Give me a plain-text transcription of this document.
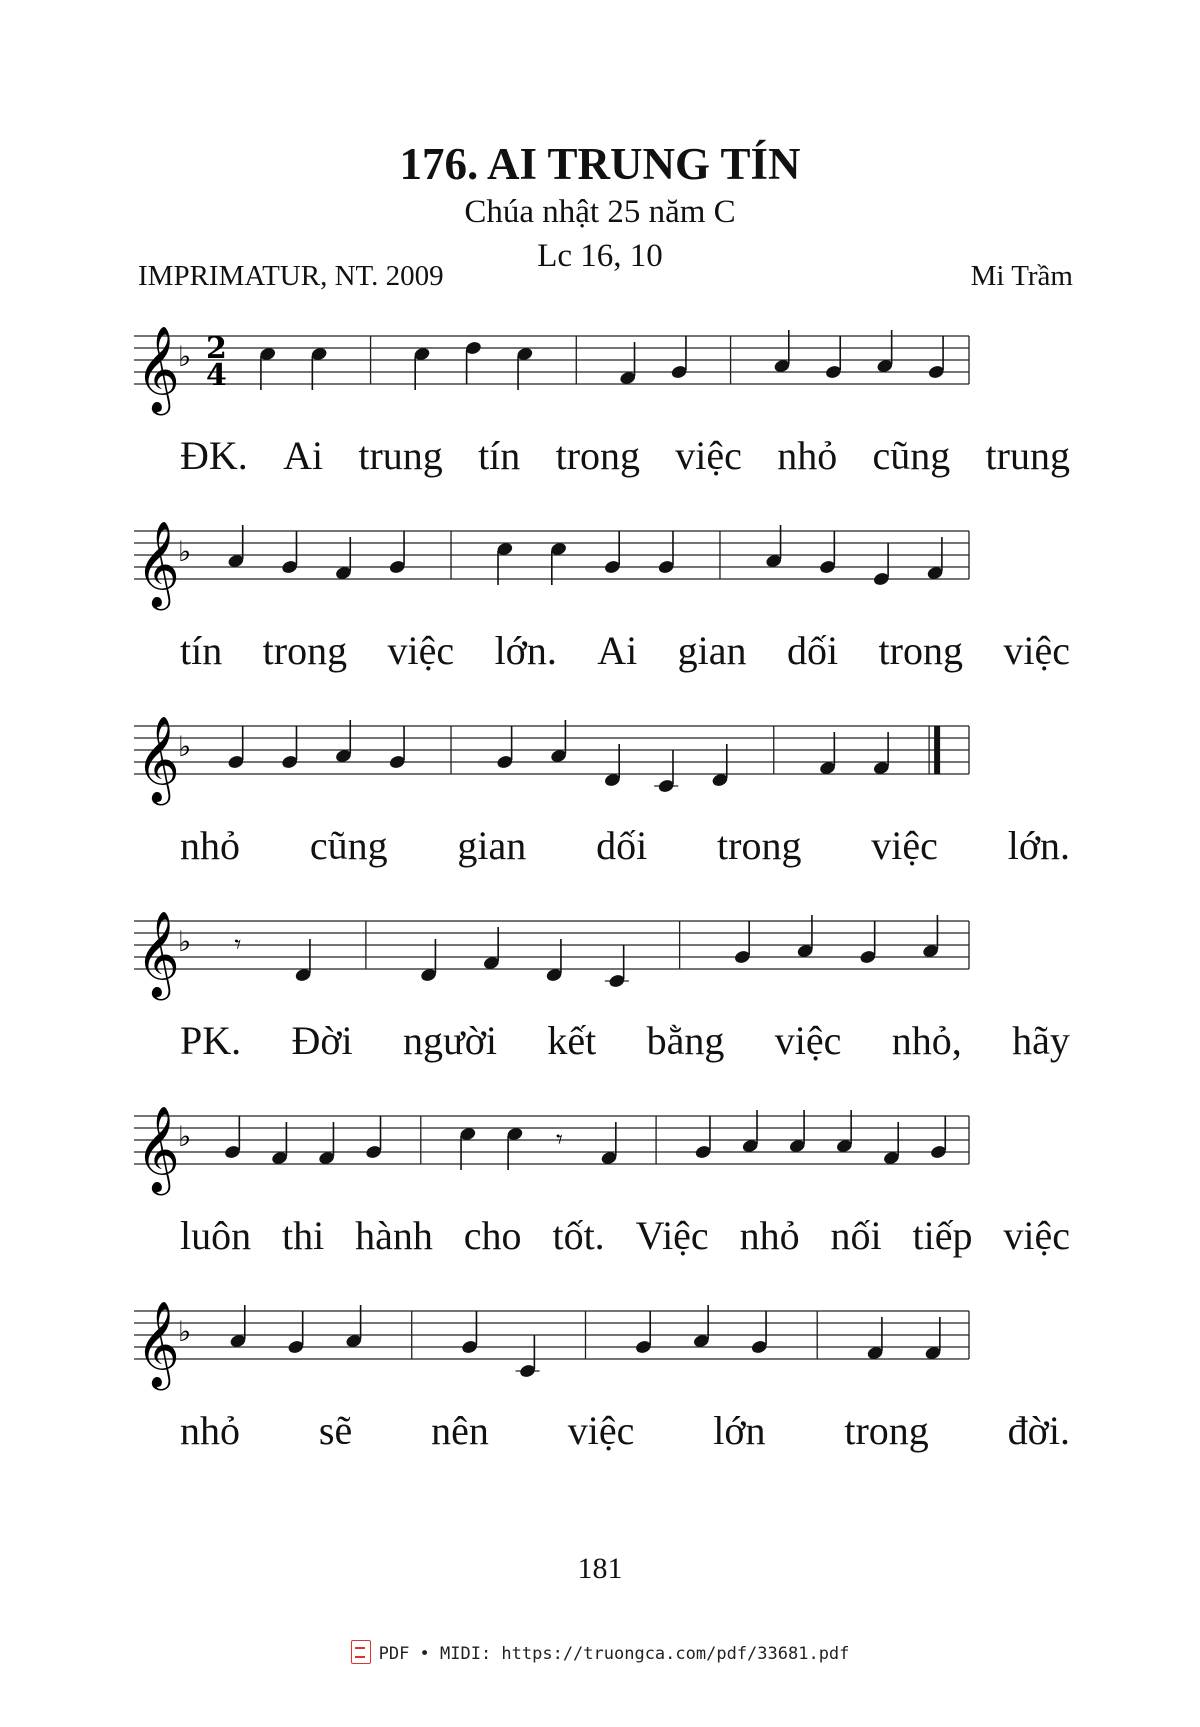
176. AI TRUNG TÍN
Chúa nhật 25 năm C
Lc 16, 10
IMPRIMATUR, NT. 2009	Mi Trầm
𝄞
♭ 2
4
ĐK. Ai trung tín trong việc nhỏ cũng trung
𝄞
♭
tín trong việc lớn. Ai gian dối trong việc
𝄞
♭
nhỏ cũng gian dối trong việc lớn.
𝄞
♭ 𝄾
PK. Đời người kết bằng việc nhỏ, hãy
𝄞
♭	𝄾
luôn thi hành cho tốt. Việc nhỏ nối tiếp việc
𝄞
♭
nhỏ sẽ nên việc lớn trong đời.
181
PDF • MIDI: https://truongca.com/pdf/33681.pdf
